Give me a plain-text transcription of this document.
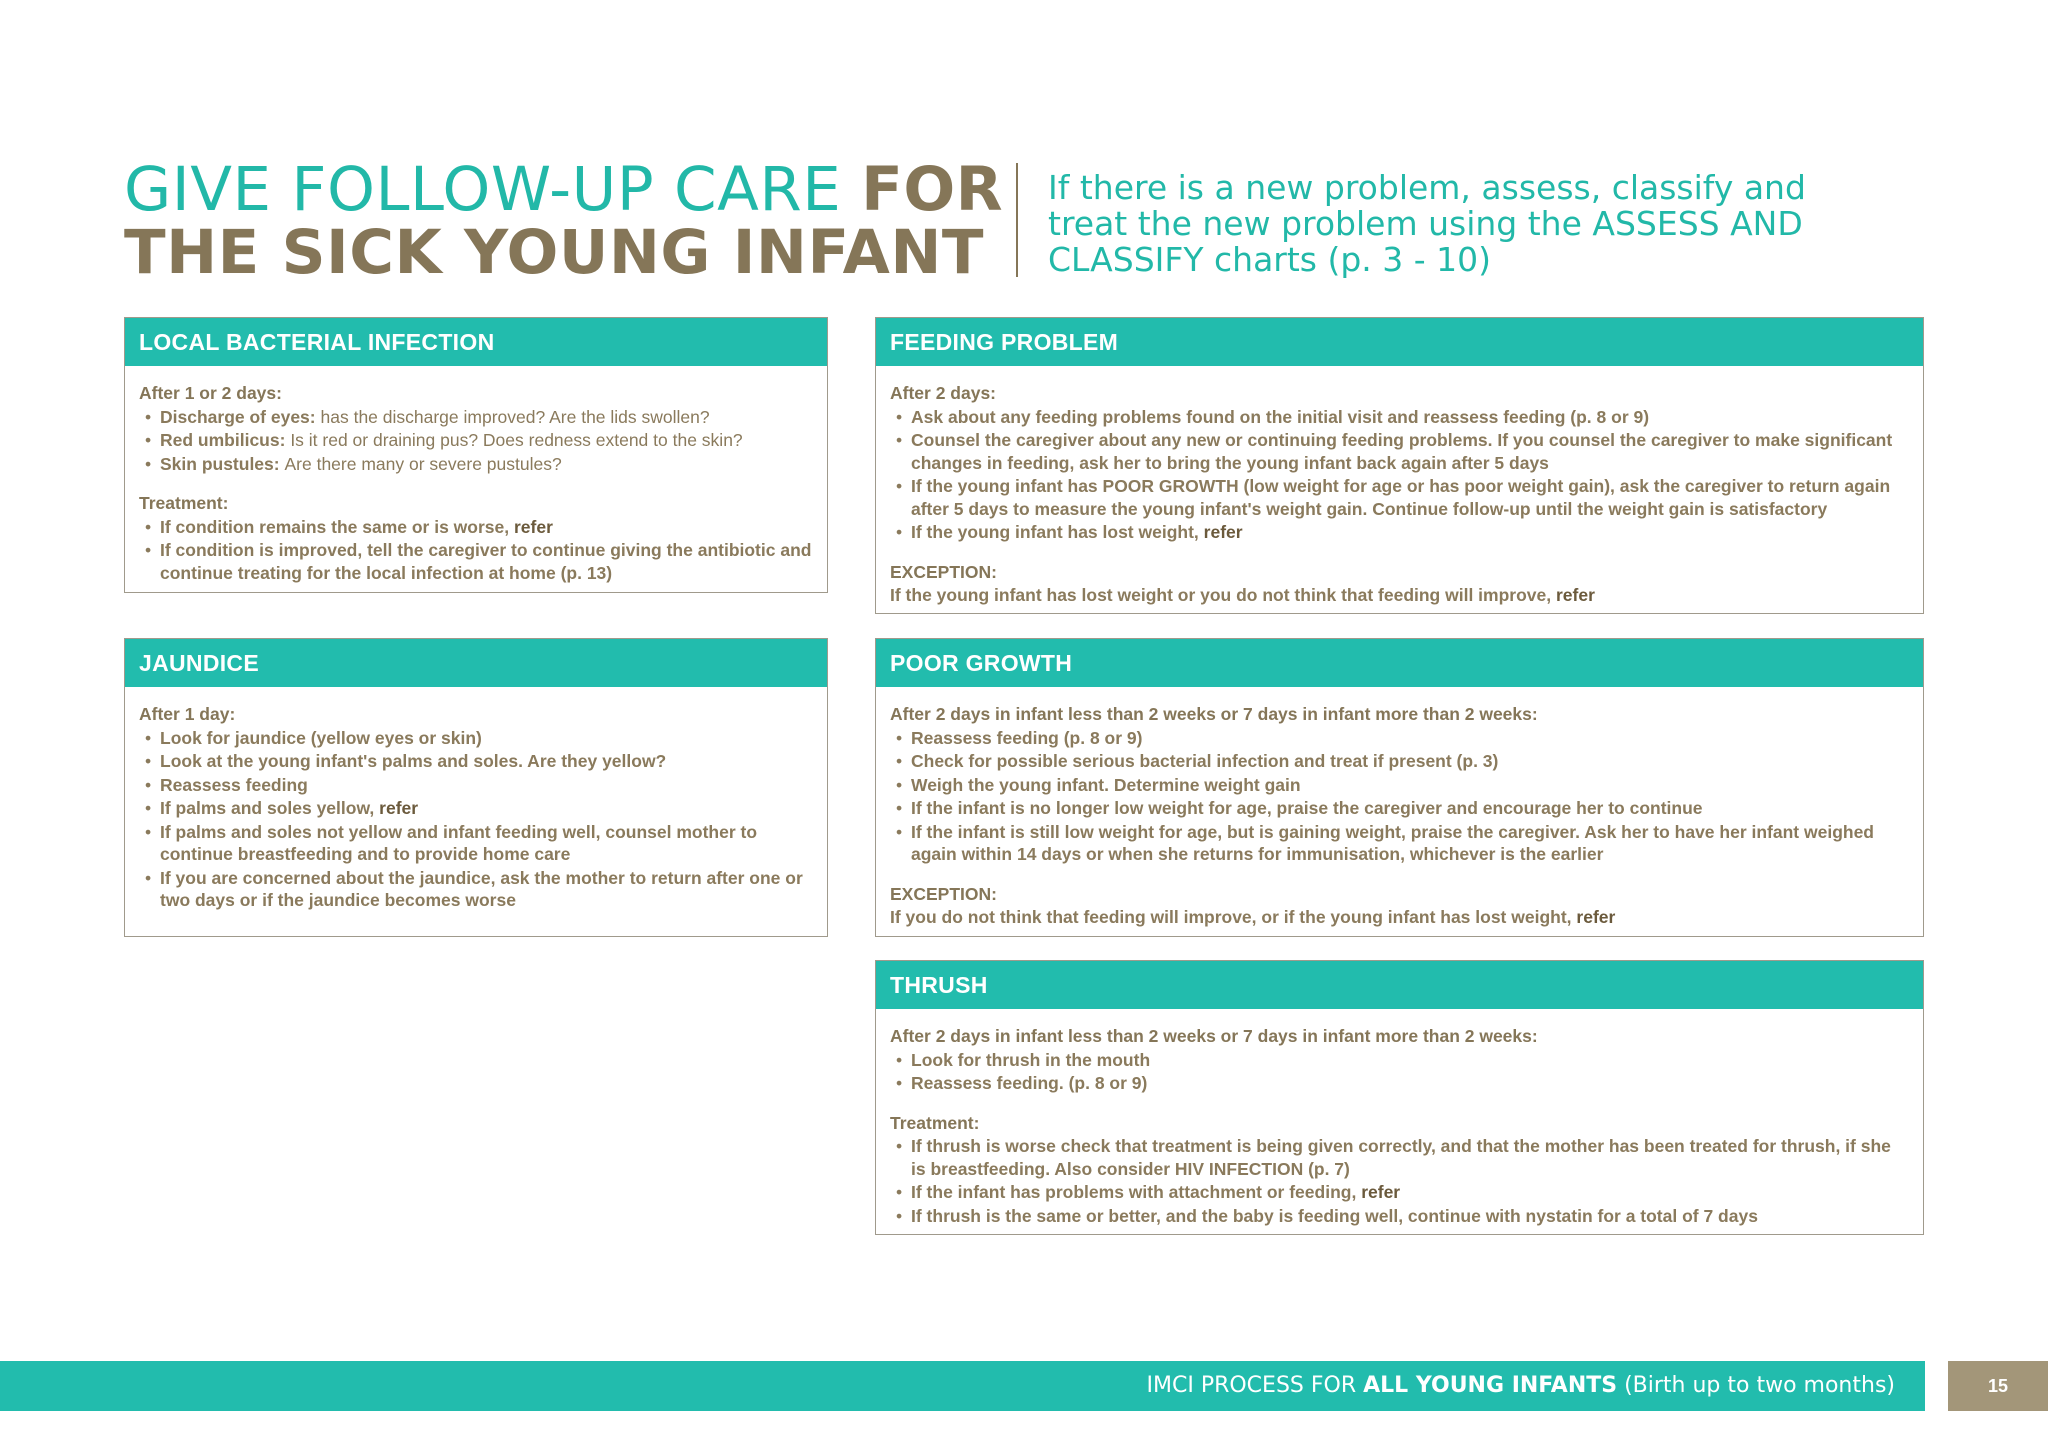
GIVE FOLLOW-UP CARE FOR
THE SICK YOUNG INFANT
If there is a new problem, assess, classify and treat the new problem using the ASSESS AND CLASSIFY charts (p. 3 - 10)
LOCAL BACTERIAL INFECTION
After 1 or 2 days:
• Discharge of eyes: has the discharge improved? Are the lids swollen?
• Red umbilicus: Is it red or draining pus? Does redness extend to the skin?
• Skin pustules: Are there many or severe pustules?
Treatment:
• If condition remains the same or is worse, refer
• If condition is improved, tell the caregiver to continue giving the antibiotic and continue treating for the local infection at home (p. 13)
FEEDING PROBLEM
After 2 days:
• Ask about any feeding problems found on the initial visit and reassess feeding (p. 8 or 9)
• Counsel the caregiver about any new or continuing feeding problems. If you counsel the caregiver to make significant changes in feeding, ask her to bring the young infant back again after 5 days
• If the young infant has POOR GROWTH (low weight for age or has poor weight gain), ask the caregiver to return again after 5 days to measure the young infant's weight gain. Continue follow-up until the weight gain is satisfactory
• If the young infant has lost weight, refer
EXCEPTION:
If the young infant has lost weight or you do not think that feeding will improve, refer
JAUNDICE
After 1 day:
• Look for jaundice (yellow eyes or skin)
• Look at the young infant's palms and soles. Are they yellow?
• Reassess feeding
• If palms and soles yellow, refer
• If palms and soles not yellow and infant feeding well, counsel mother to continue breastfeeding and to provide home care
• If you are concerned about the jaundice, ask the mother to return after one or two days or if the jaundice becomes worse
POOR GROWTH
After 2 days in infant less than 2 weeks or 7 days in infant more than 2 weeks:
• Reassess feeding (p. 8 or 9)
• Check for possible serious bacterial infection and treat if present (p. 3)
• Weigh the young infant. Determine weight gain
• If the infant is no longer low weight for age, praise the caregiver and encourage her to continue
• If the infant is still low weight for age, but is gaining weight, praise the caregiver. Ask her to have her infant weighed again within 14 days or when she returns for immunisation, whichever is the earlier
EXCEPTION:
If you do not think that feeding will improve, or if the young infant has lost weight, refer
THRUSH
After 2 days in infant less than 2 weeks or 7 days in infant more than 2 weeks:
• Look for thrush in the mouth
• Reassess feeding. (p. 8 or 9)
Treatment:
• If thrush is worse check that treatment is being given correctly, and that the mother has been treated for thrush, if she is breastfeeding. Also consider HIV INFECTION (p. 7)
• If the infant has problems with attachment or feeding, refer
• If thrush is the same or better, and the baby is feeding well, continue with nystatin for a total of 7 days
IMCI PROCESS FOR ALL YOUNG INFANTS (Birth up to two months)	15
